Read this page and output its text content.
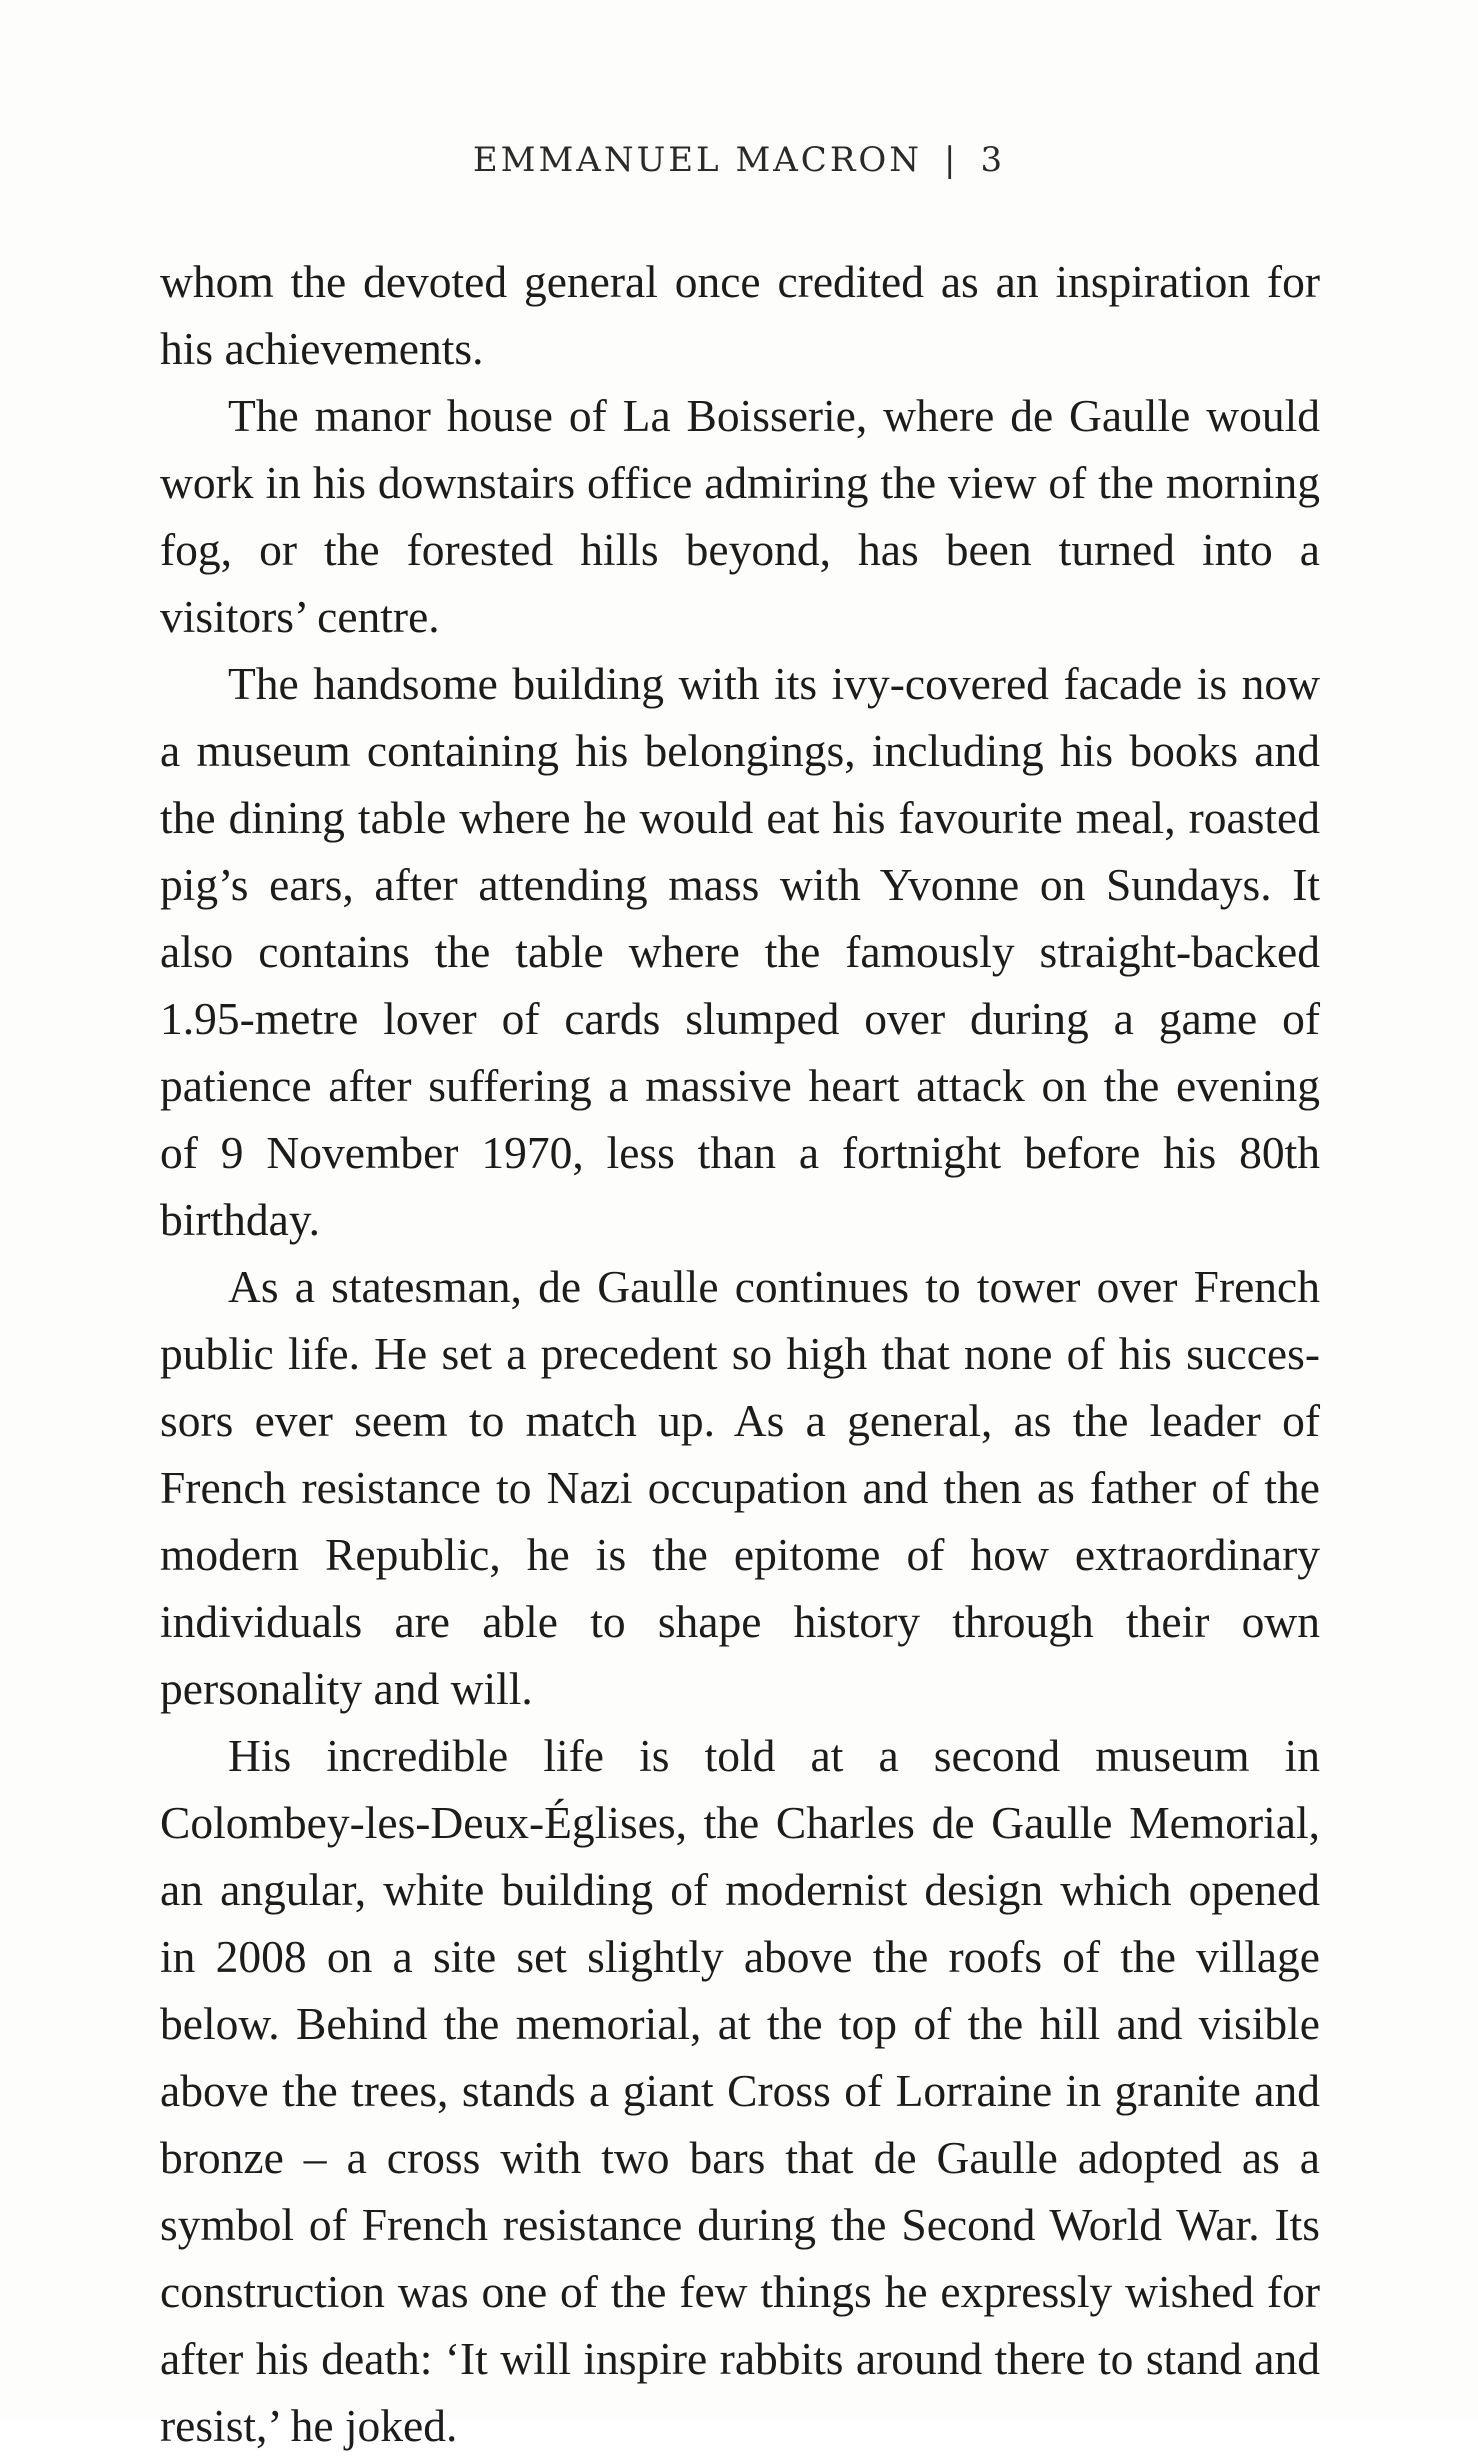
EMMANUEL MACRON | 3

whom the devoted general once credited as an inspiration for his achievements.

The manor house of La Boisserie, where de Gaulle would work in his downstairs office admiring the view of the morning fog, or the forested hills beyond, has been turned into a visitors’ centre.

The handsome building with its ivy-covered facade is now a museum containing his belongings, including his books and the dining table where he would eat his favourite meal, roasted pig’s ears, after attending mass with Yvonne on Sundays. It also contains the table where the famously straight-backed 1.95-metre lover of cards slumped over during a game of patience after suffering a massive heart attack on the evening of 9 November 1970, less than a fortnight before his 80th birthday.

As a statesman, de Gaulle continues to tower over French public life. He set a precedent so high that none of his successors ever seem to match up. As a general, as the leader of French resistance to Nazi occupation and then as father of the modern Republic, he is the epitome of how extraordinary individuals are able to shape history through their own personality and will.

His incredible life is told at a second museum in Colombey-les-Deux-Églises, the Charles de Gaulle Memorial, an angular, white building of modernist design which opened in 2008 on a site set slightly above the roofs of the village below. Behind the memorial, at the top of the hill and visible above the trees, stands a giant Cross of Lorraine in granite and bronze – a cross with two bars that de Gaulle adopted as a symbol of French resistance during the Second World War. Its construction was one of the few things he expressly wished for after his death: ‘It will inspire rabbits around there to stand and resist,’ he joked.
